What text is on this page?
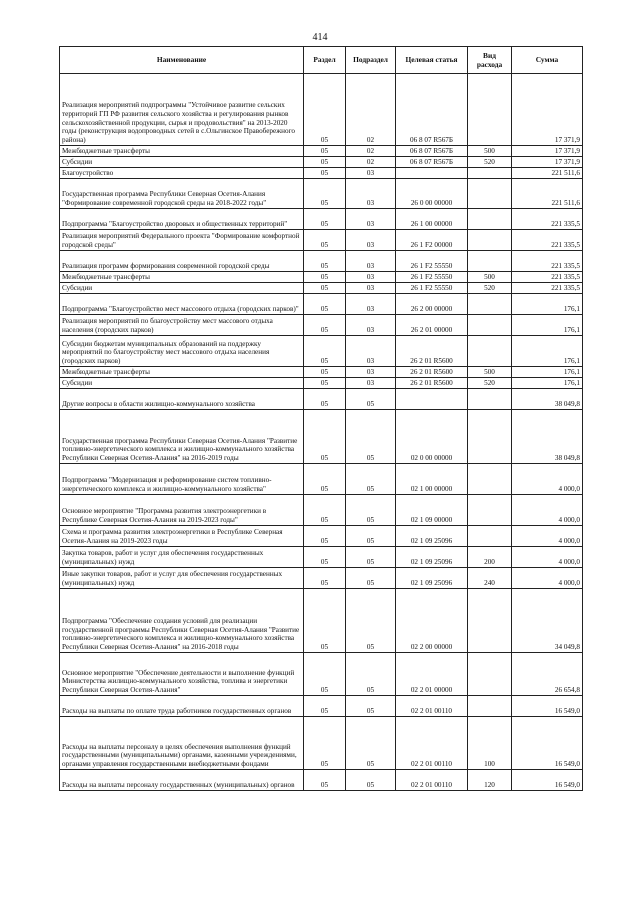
414
Наименование	Раздел	Подраздел	Целевая статья	Вид расхода	Сумма
Реализация мероприятий подпрограммы "Устойчивое развитие сельских территорий ГП РФ развития сельского хозяйства и регулирования рынков сельскохозяйственной продукции, сырья и продовольствия" на 2013-2020 годы (реконструкция водопроводных сетей в с.Ольгинское Правобережного района)	05	02	06 8 07 R567Б		17 371,9
Межбюджетные трансферты	05	02	06 8 07 R567Б	500	17 371,9
Субсидии	05	02	06 8 07 R567Б	520	17 371,9
Благоустройство	05	03			221 511,6
Государственная программа Республики Северная Осетия-Алания "Формирование современной городской среды на 2018-2022 годы"	05	03	26 0 00 00000		221 511,6
Подпрограмма "Благоустройство дворовых и общественных территорий"	05	03	26 1 00 00000		221 335,5
Реализация мероприятий Федерального проекта "Формирование комфортной городской среды"	05	03	26 1 F2 00000		221 335,5
Реализация программ формирования современной городской среды	05	03	26 1 F2 55550		221 335,5
Межбюджетные трансферты	05	03	26 1 F2 55550	500	221 335,5
Субсидии	05	03	26 1 F2 55550	520	221 335,5
Подпрограмма "Благоустройство мест массового отдыха (городских парков)"	05	03	26 2 00 00000		176,1
Реализация мероприятий по благоустройству мест массового отдыха населения (городских парков)	05	03	26 2 01 00000		176,1
Субсидии бюджетам муниципальных образований на поддержку мероприятий по благоустройству мест массового отдыха населения (городских парков)	05	03	26 2 01 R5600		176,1
Межбюджетные трансферты	05	03	26 2 01 R5600	500	176,1
Субсидии	05	03	26 2 01 R5600	520	176,1
Другие вопросы в области жилищно-коммунального хозяйства	05	05			38 049,8
Государственная программа Республики Северная Осетия-Алания "Развитие топливно-энергетического комплекса и жилищно-коммунального хозяйства Республики Северная Осетия-Алания" на 2016-2019 годы	05	05	02 0 00 00000		38 049,8
Подпрограмма "Модернизация и реформирование систем топливно-энергетического комплекса и жилищно-коммунального хозяйства"	05	05	02 1 00 00000		4 000,0
Основное мероприятие "Программа развития электроэнергетики в Республике Северная Осетия-Алания на 2019-2023 годы"	05	05	02 1 09 00000		4 000,0
Схема и программа развития электроэнергетики в Республике Северная Осетия-Алания на 2019-2023 годы	05	05	02 1 09 25096		4 000,0
Закупка товаров, работ и услуг для обеспечения государственных (муниципальных) нужд	05	05	02 1 09 25096	200	4 000,0
Иные закупки товаров, работ и услуг для обеспечения государственных (муниципальных) нужд	05	05	02 1 09 25096	240	4 000,0
Подпрограмма "Обеспечение создания условий для реализации государственной программы Республики Северная Осетия-Алания "Развитие топливно-энергетического комплекса и жилищно-коммунального хозяйства Республики Северная Осетия-Алания" на 2016-2018 годы	05	05	02 2 00 00000		34 049,8
Основное мероприятие "Обеспечение деятельности и выполнение функций Министерства жилищно-коммунального хозяйства, топлива и энергетики Республики Северная Осетия-Алания"	05	05	02 2 01 00000		26 654,8
Расходы на выплаты по оплате труда работников государственных органов	05	05	02 2 01 00110		16 549,0
Расходы на выплаты персоналу в целях обеспечения выполнения функций государственными (муниципальными) органами, казенными учреждениями, органами управления государственными внебюджетными фондами	05	05	02 2 01 00110	100	16 549,0
Расходы на выплаты персоналу государственных (муниципальных) органов	05	05	02 2 01 00110	120	16 549,0
